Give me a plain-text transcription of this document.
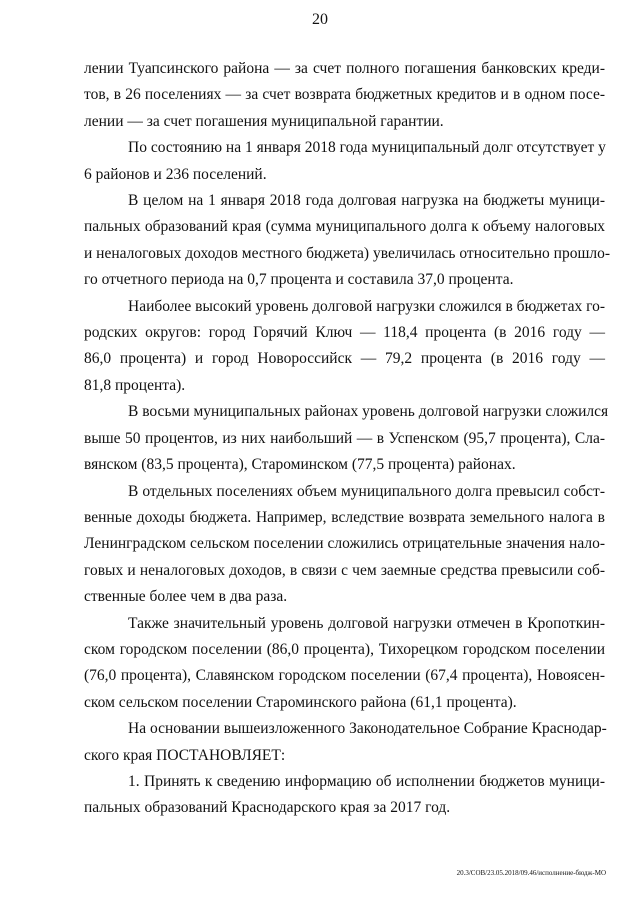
20

лении Туапсинского района — за счет полного погашения банковских креди-
тов, в 26 поселениях — за счет возврата бюджетных кредитов и в одном посе-
лении — за счет погашения муниципальной гарантии.

По состоянию на 1 января 2018 года муниципальный долг отсутствует у
6 районов и 236 поселений.

В целом на 1 января 2018 года долговая нагрузка на бюджеты муници-
пальных образований края (сумма муниципального долга к объему налоговых
и неналоговых доходов местного бюджета) увеличилась относительно прошло-
го отчетного периода на 0,7 процента и составила 37,0 процента.

Наиболее высокий уровень долговой нагрузки сложился в бюджетах го-
родских округов: город Горячий Ключ — 118,4 процента (в 2016 году —
86,0 процента) и город Новороссийск — 79,2 процента (в 2016 году —
81,8 процента).

В восьми муниципальных районах уровень долговой нагрузки сложился
выше 50 процентов, из них наибольший — в Успенском (95,7 процента), Сла-
вянском (83,5 процента), Староминском (77,5 процента) районах.

В отдельных поселениях объем муниципального долга превысил собст-
венные доходы бюджета. Например, вследствие возврата земельного налога в
Ленинградском сельском поселении сложились отрицательные значения нало-
говых и неналоговых доходов, в связи с чем заемные средства превысили соб-
ственные более чем в два раза.

Также значительный уровень долговой нагрузки отмечен в Кропоткин-
ском городском поселении (86,0 процента), Тихорецком городском поселении
(76,0 процента), Славянском городском поселении (67,4 процента), Новоясен-
ском сельском поселении Староминского района (61,1 процента).

На основании вышеизложенного Законодательное Собрание Краснодар-
ского края ПОСТАНОВЛЯЕТ:

1. Принять к сведению информацию об исполнении бюджетов муници-
пальных образований Краснодарского края за 2017 год.

20.3/СОВ/23.05.2018/09.46/исполнение-бюдж-МО
